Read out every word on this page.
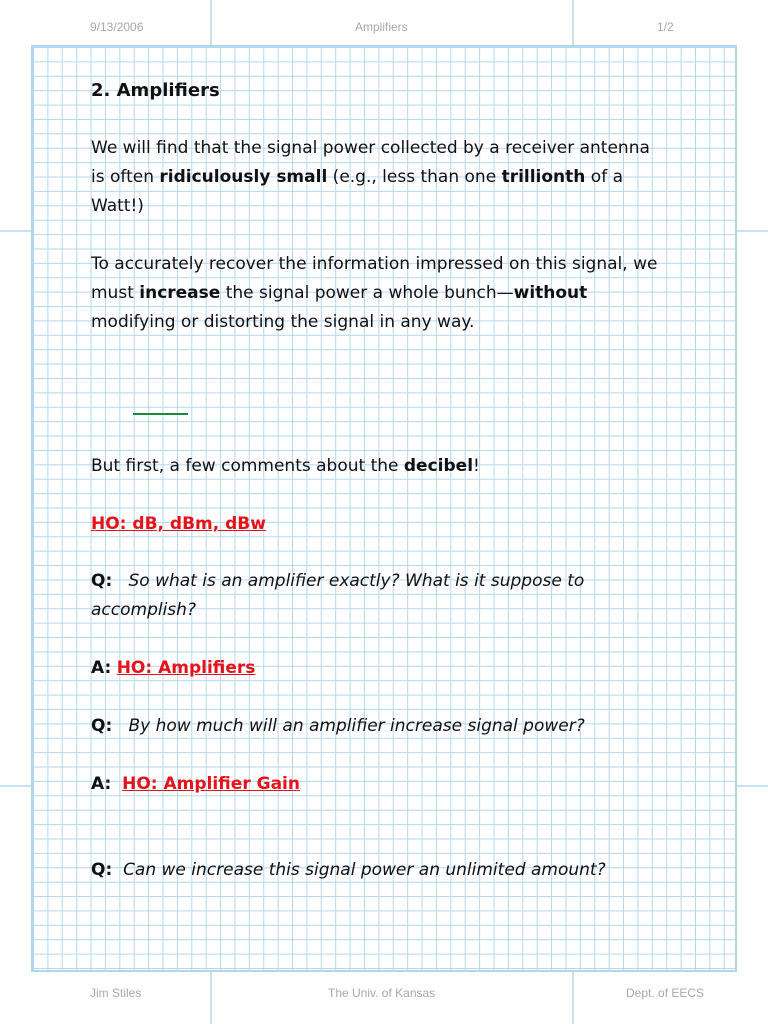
9/13/2006	Amplifiers	1/2

2. Amplifiers

We will find that the signal power collected by a receiver antenna is often ridiculously small (e.g., less than one trillionth of a Watt!)

To accurately recover the information impressed on this signal, we must increase the signal power a whole bunch—without modifying or distorting the signal in any way.

But first, a few comments about the decibel!

HO: dB, dBm, dBw

Q: So what is an amplifier exactly? What is it suppose to accomplish?

A: HO: Amplifiers

Q: By how much will an amplifier increase signal power?

A: HO: Amplifier Gain

Q: Can we increase this signal power an unlimited amount?

Jim Stiles	The Univ. of Kansas	Dept. of EECS
